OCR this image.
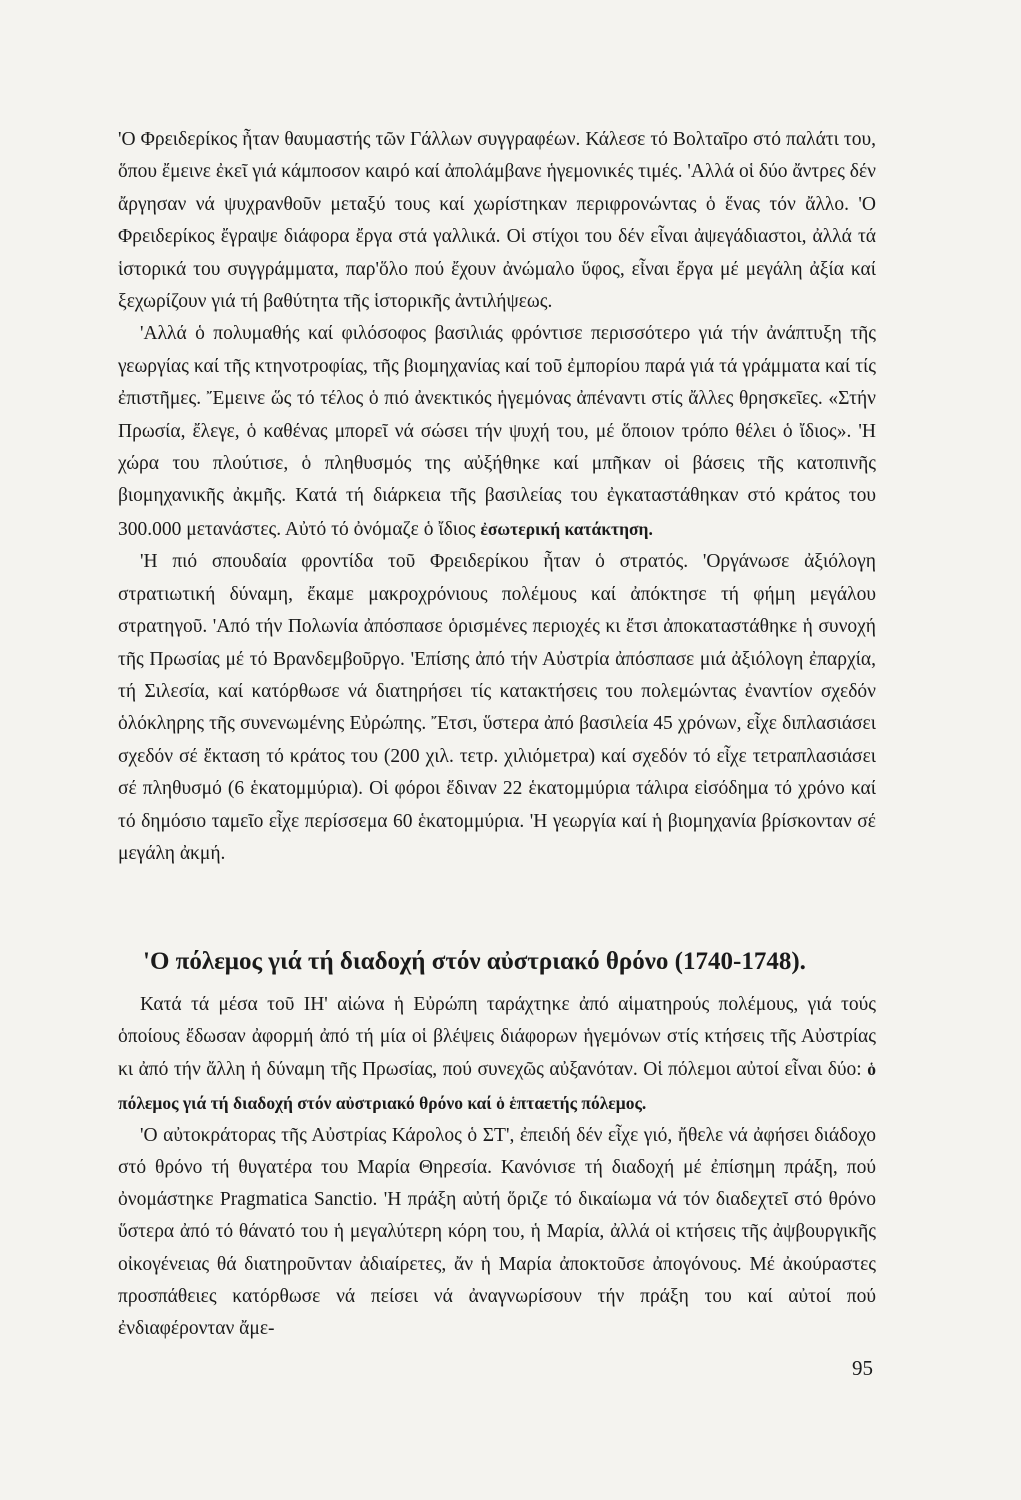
'Ο Φρειδερίκος ἦταν θαυμαστής τῶν Γάλλων συγγραφέων. Κάλεσε τό Βολταῖρο στό παλάτι του, ὅπου ἔμεινε ἐκεῖ γιά κάμποσον καιρό καί ἀπολάμβανε ἡγεμονικές τιμές. 'Αλλά οἱ δύο ἄντρες δέν ἄργησαν νά ψυχρανθοῦν μεταξύ τους καί χωρίστηκαν περιφρονώντας ὁ ἕνας τόν ἄλλο. 'Ο Φρειδερίκος ἔγραψε διάφορα ἔργα στά γαλλικά. Οἱ στίχοι του δέν εἶναι ἀψεγάδιαστοι, ἀλλά τά ἱστορικά του συγγράμματα, παρ'ὅλο πού ἔχουν ἀνώμαλο ὕφος, εἶναι ἔργα μέ μεγάλη ἀξία καί ξεχωρίζουν γιά τή βαθύτητα τῆς ἱστορικῆς ἀντιλήψεως.

'Αλλά ὁ πολυμαθής καί φιλόσοφος βασιλιάς φρόντισε περισσότερο γιά τήν ἀνάπτυξη τῆς γεωργίας καί τῆς κτηνοτροφίας, τῆς βιομηχανίας καί τοῦ ἐμπορίου παρά γιά τά γράμματα καί τίς ἐπιστῆμες. Ἔμεινε ὥς τό τέλος ὁ πιό ἀνεκτικός ἡγεμόνας ἀπέναντι στίς ἄλλες θρησκεῖες. «Στήν Πρωσία, ἔλεγε, ὁ καθένας μπορεῖ νά σώσει τήν ψυχή του, μέ ὅποιον τρόπο θέλει ὁ ἴδιος». 'Η χώρα του πλούτισε, ὁ πληθυσμός της αὐξήθηκε καί μπῆκαν οἱ βάσεις τῆς κατοπινῆς βιομηχανικῆς ἀκμῆς. Κατά τή διάρκεια τῆς βασιλείας του ἐγκαταστάθηκαν στό κράτος του 300.000 μετανάστες. Αὐτό τό ὀνόμαζε ὁ ἴδιος ἐσωτερική κατάκτηση.

'Η πιό σπουδαία φροντίδα τοῦ Φρειδερίκου ἦταν ὁ στρατός. 'Οργάνωσε ἀξιόλογη στρατιωτική δύναμη, ἔκαμε μακροχρόνιους πολέμους καί ἀπόκτησε τή φήμη μεγάλου στρατηγοῦ. 'Από τήν Πολωνία ἀπόσπασε ὁρισμένες περιοχές κι ἔτσι ἀποκαταστάθηκε ἡ συνοχή τῆς Πρωσίας μέ τό Βρανδεμβοῦργο. 'Επίσης ἀπό τήν Αὐστρία ἀπόσπασε μιά ἀξιόλογη ἐπαρχία, τή Σιλεσία, καί κατόρθωσε νά διατηρήσει τίς κατακτήσεις του πολεμώντας ἐναντίον σχεδόν ὁλόκληρης τῆς συνενωμένης Εὐρώπης. Ἔτσι, ὕστερα ἀπό βασιλεία 45 χρόνων, εἶχε διπλασιάσει σχεδόν σέ ἔκταση τό κράτος του (200 χιλ. τετρ. χιλιόμετρα) καί σχεδόν τό εἶχε τετραπλασιάσει σέ πληθυσμό (6 ἑκατομμύρια). Οἱ φόροι ἔδιναν 22 ἑκατομμύρια τάλιρα εἰσόδημα τό χρόνο καί τό δημόσιο ταμεῖο εἶχε περίσσεμα 60 ἑκατομμύρια. 'Η γεωργία καί ἡ βιομηχανία βρίσκονταν σέ μεγάλη ἀκμή.

'Ο πόλεμος γιά τή διαδοχή στόν αὐστριακό θρόνο (1740-1748).

Κατά τά μέσα τοῦ ΙΗ' αἰώνα ἡ Εὐρώπη ταράχτηκε ἀπό αἱματηρούς πολέμους, γιά τούς ὁποίους ἔδωσαν ἀφορμή ἀπό τή μία οἱ βλέψεις διάφορων ἡγεμόνων στίς κτήσεις τῆς Αὐστρίας κι ἀπό τήν ἄλλη ἡ δύναμη τῆς Πρωσίας, πού συνεχῶς αὐξανόταν. Οἱ πόλεμοι αὐτοί εἶναι δύο: ὁ πόλεμος γιά τή διαδοχή στόν αὐστριακό θρόνο καί ὁ ἑπταετής πόλεμος.

'Ο αὐτοκράτορας τῆς Αὐστρίας Κάρολος ὁ ΣΤ', ἐπειδή δέν εἶχε γιό, ἤθελε νά ἀφήσει διάδοχο στό θρόνο τή θυγατέρα του Μαρία Θηρεσία. Κανόνισε τή διαδοχή μέ ἐπίσημη πράξη, πού ὀνομάστηκε Pragmatica Sanctio. 'Η πράξη αὐτή ὅριζε τό δικαίωμα νά τόν διαδεχτεῖ στό θρόνο ὕστερα ἀπό τό θάνατό του ἡ μεγαλύτερη κόρη του, ἡ Μαρία, ἀλλά οἱ κτήσεις τῆς ἀψβουργικῆς οἰκογένειας θά διατηροῦνταν ἀδιαίρετες, ἄν ἡ Μαρία ἀποκτοῦσε ἀπογόνους. Μέ ἀκούραστες προσπάθειες κατόρθωσε νά πείσει νά ἀναγνωρίσουν τήν πράξη του καί αὐτοί πού ἐνδιαφέρονταν ἄμε-

95
